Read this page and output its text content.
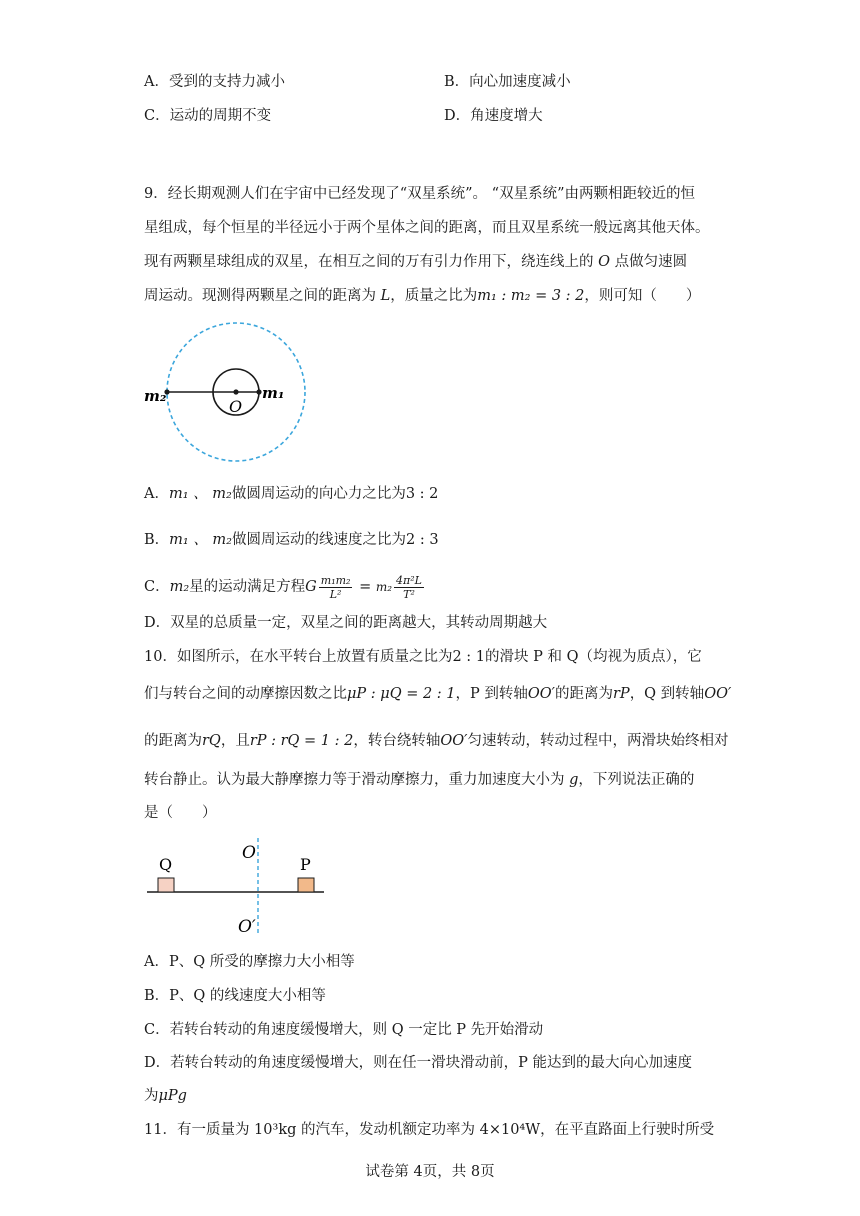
A．受到的支持力减小	B．向心加速度减小
C．运动的周期不变	D．角速度增大
9．经长期观测人们在宇宙中已经发现了“双星系统”。 “双星系统”由两颗相距较近的恒
星组成，每个恒星的半径远小于两个星体之间的距离，而且双星系统一般远离其他天体。
现有两颗星球组成的双星，在相互之间的万有引力作用下，绕连线上的 O 点做匀速圆
周运动。现测得两颗星之间的距离为 L，质量之比为m₁ : m₂ = 3 : 2，则可知（　　）
m₂	m₁
O
A．m₁ 、 m₂做圆周运动的向心力之比为3 : 2
B．m₁ 、 m₂做圆周运动的线速度之比为2 : 3
C．m₂星的运动满足方程G $\frac{\text{m₁m₂}}{\text{L²}} = m_2 \frac{\text{4π²L}}{\text{T²}}$
D．双星的总质量一定，双星之间的距离越大，其转动周期越大
10．如图所示，在水平转台上放置有质量之比为2 : 1的滑块 P 和 Q（均视为质点），它
们与转台之间的动摩擦因数之比μP : μQ = 2 : 1，P 到转轴OO′的距离为rP，Q 到转轴OO′
的距离为rQ，且rP : rQ = 1 : 2，转台绕转轴OO′匀速转动，转动过程中，两滑块始终相对
转台静止。认为最大静摩擦力等于滑动摩擦力，重力加速度大小为 g，下列说法正确的
是（　　）
Q	P
O
O′
A．P、Q 所受的摩擦力大小相等
B．P、Q 的线速度大小相等
C．若转台转动的角速度缓慢增大，则 Q 一定比 P 先开始滑动
D．若转台转动的角速度缓慢增大，则在任一滑块滑动前，P 能达到的最大向心加速度
为μPg
11．有一质量为 10³kg 的汽车，发动机额定功率为 4×10⁴W，在平直路面上行驶时所受
试卷第 4页，共 8页
